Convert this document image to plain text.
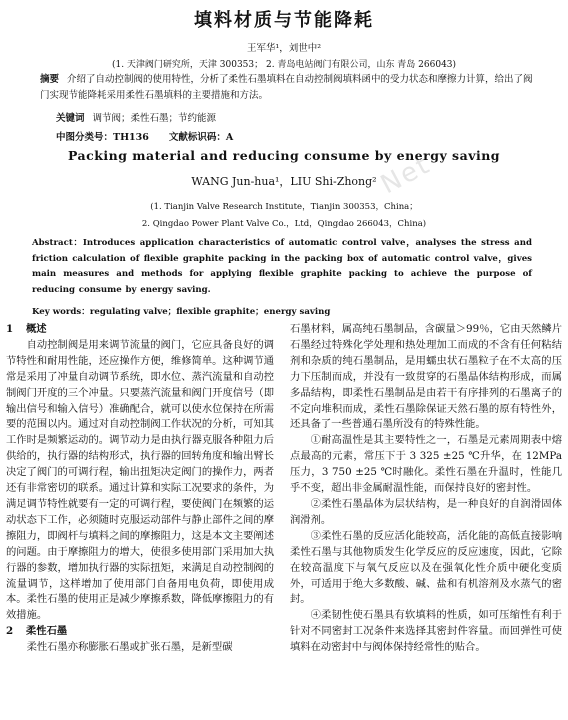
Net
填料材质与节能降耗
王军华¹，刘世中²
(1. 天津阀门研究所，天津 300353； 2. 青岛电站阀门有限公司，山东 青岛 266043)
摘要 介绍了自动控制阀的使用特性，分析了柔性石墨填料在自动控制阀填料函中的受力状态和摩擦力计算，给出了阀门实现节能降耗采用柔性石墨填料的主要措施和方法。
关键词 调节阀；柔性石墨；节约能源
中图分类号：TH136 文献标识码：A
Packing material and reducing consume by energy saving
WANG Jun-hua¹，LIU Shi-Zhong²
(1. Tianjin Valve Research Institute，Tianjin 300353，China；
2. Qingdao Power Plant Valve Co.，Ltd，Qingdao 266043，China)
Abstract：Introduces application characteristics of automatic control valve，analyses the stress and friction calculation of flexible graphite packing in the packing box of automatic control valve，gives main measures and methods for applying flexible graphite packing to achieve the purpose of reducing consume by energy saving.
Key words：regulating valve；flexible graphite；energy saving
1 概述

自动控制阀是用来调节流量的阀门，它应具备良好的调节特性和耐用性能，还应操作方便，维修简单。这种调节通常是采用了冲量自动调节系统，即水位、蒸汽流量和自动控制阀门开度的三个冲量。只要蒸汽流量和阀门开度信号（即输出信号和输入信号）准确配合，就可以使水位保持在所需要的范围以内。通过对自动控制阀工作状况的分析，可知其工作时是频繁运动的。调节动力是由执行器克服各种阻力后供给的，执行器的结构形式，执行器的回转角度和输出臂长决定了阀门的可调行程，输出扭矩决定阀门的操作力，两者还有非常密切的联系。通过计算和实际工况要求的条件，为满足调节特性就要有一定的可调行程，要使阀门在频繁的运动状态下工作，必须随时克服运动部件与静止部件之间的摩擦阻力，即阀杆与填料之间的摩擦阻力，这是本文主要阐述的问题。由于摩擦阻力的增大，使很多使用部门采用加大执行器的参数，增加执行器的实际扭矩，来满足自动控制阀的流量调节，这样增加了使用部门自备用电负荷，即使用成本。柔性石墨的使用正是减少摩擦系数，降低摩擦阻力的有效措施。

2 柔性石墨

柔性石墨亦称膨胀石墨或扩张石墨，是新型碳

石墨材料，属高纯石墨制品，含碳量＞99％，它由天然鳞片石墨经过特殊化学处理和热处理加工而成的不含有任何粘结剂和杂质的纯石墨制品，是用蠕虫状石墨粒子在不太高的压力下压制而成，并没有一致贯穿的石墨晶体结构形成，而属多晶结构，即柔性石墨制品是由若干有序排列的石墨离子的不定向堆积而成，柔性石墨除保证天然石墨的原有特性外，还具备了一些普通石墨所没有的特殊性能。

①耐高温性是其主要特性之一，石墨是元素周期表中熔点最高的元素，常压下于 3 325 ±25 ℃升华，在 12MPa 压力，3 750 ±25 ℃时融化。柔性石墨在升温时，性能几乎不变，超出非金属耐温性能，而保持良好的密封性。

②柔性石墨晶体为层状结构，是一种良好的自润滑固体润滑剂。

③柔性石墨的反应活化能较高，活化能的高低直接影响柔性石墨与其他物质发生化学反应的反应速度，因此，它除在较高温度下与氧气反应以及在强氧化性介质中硬化变质外，可适用于绝大多数酸、碱、盐和有机溶剂及水蒸气的密封。

④柔韧性使石墨具有软填料的性质，如可压缩性有利于针对不同密封工况条件来选择其密封件容量。而回弹性可使填料在动密封中与阀体保持经常性的贴合。
